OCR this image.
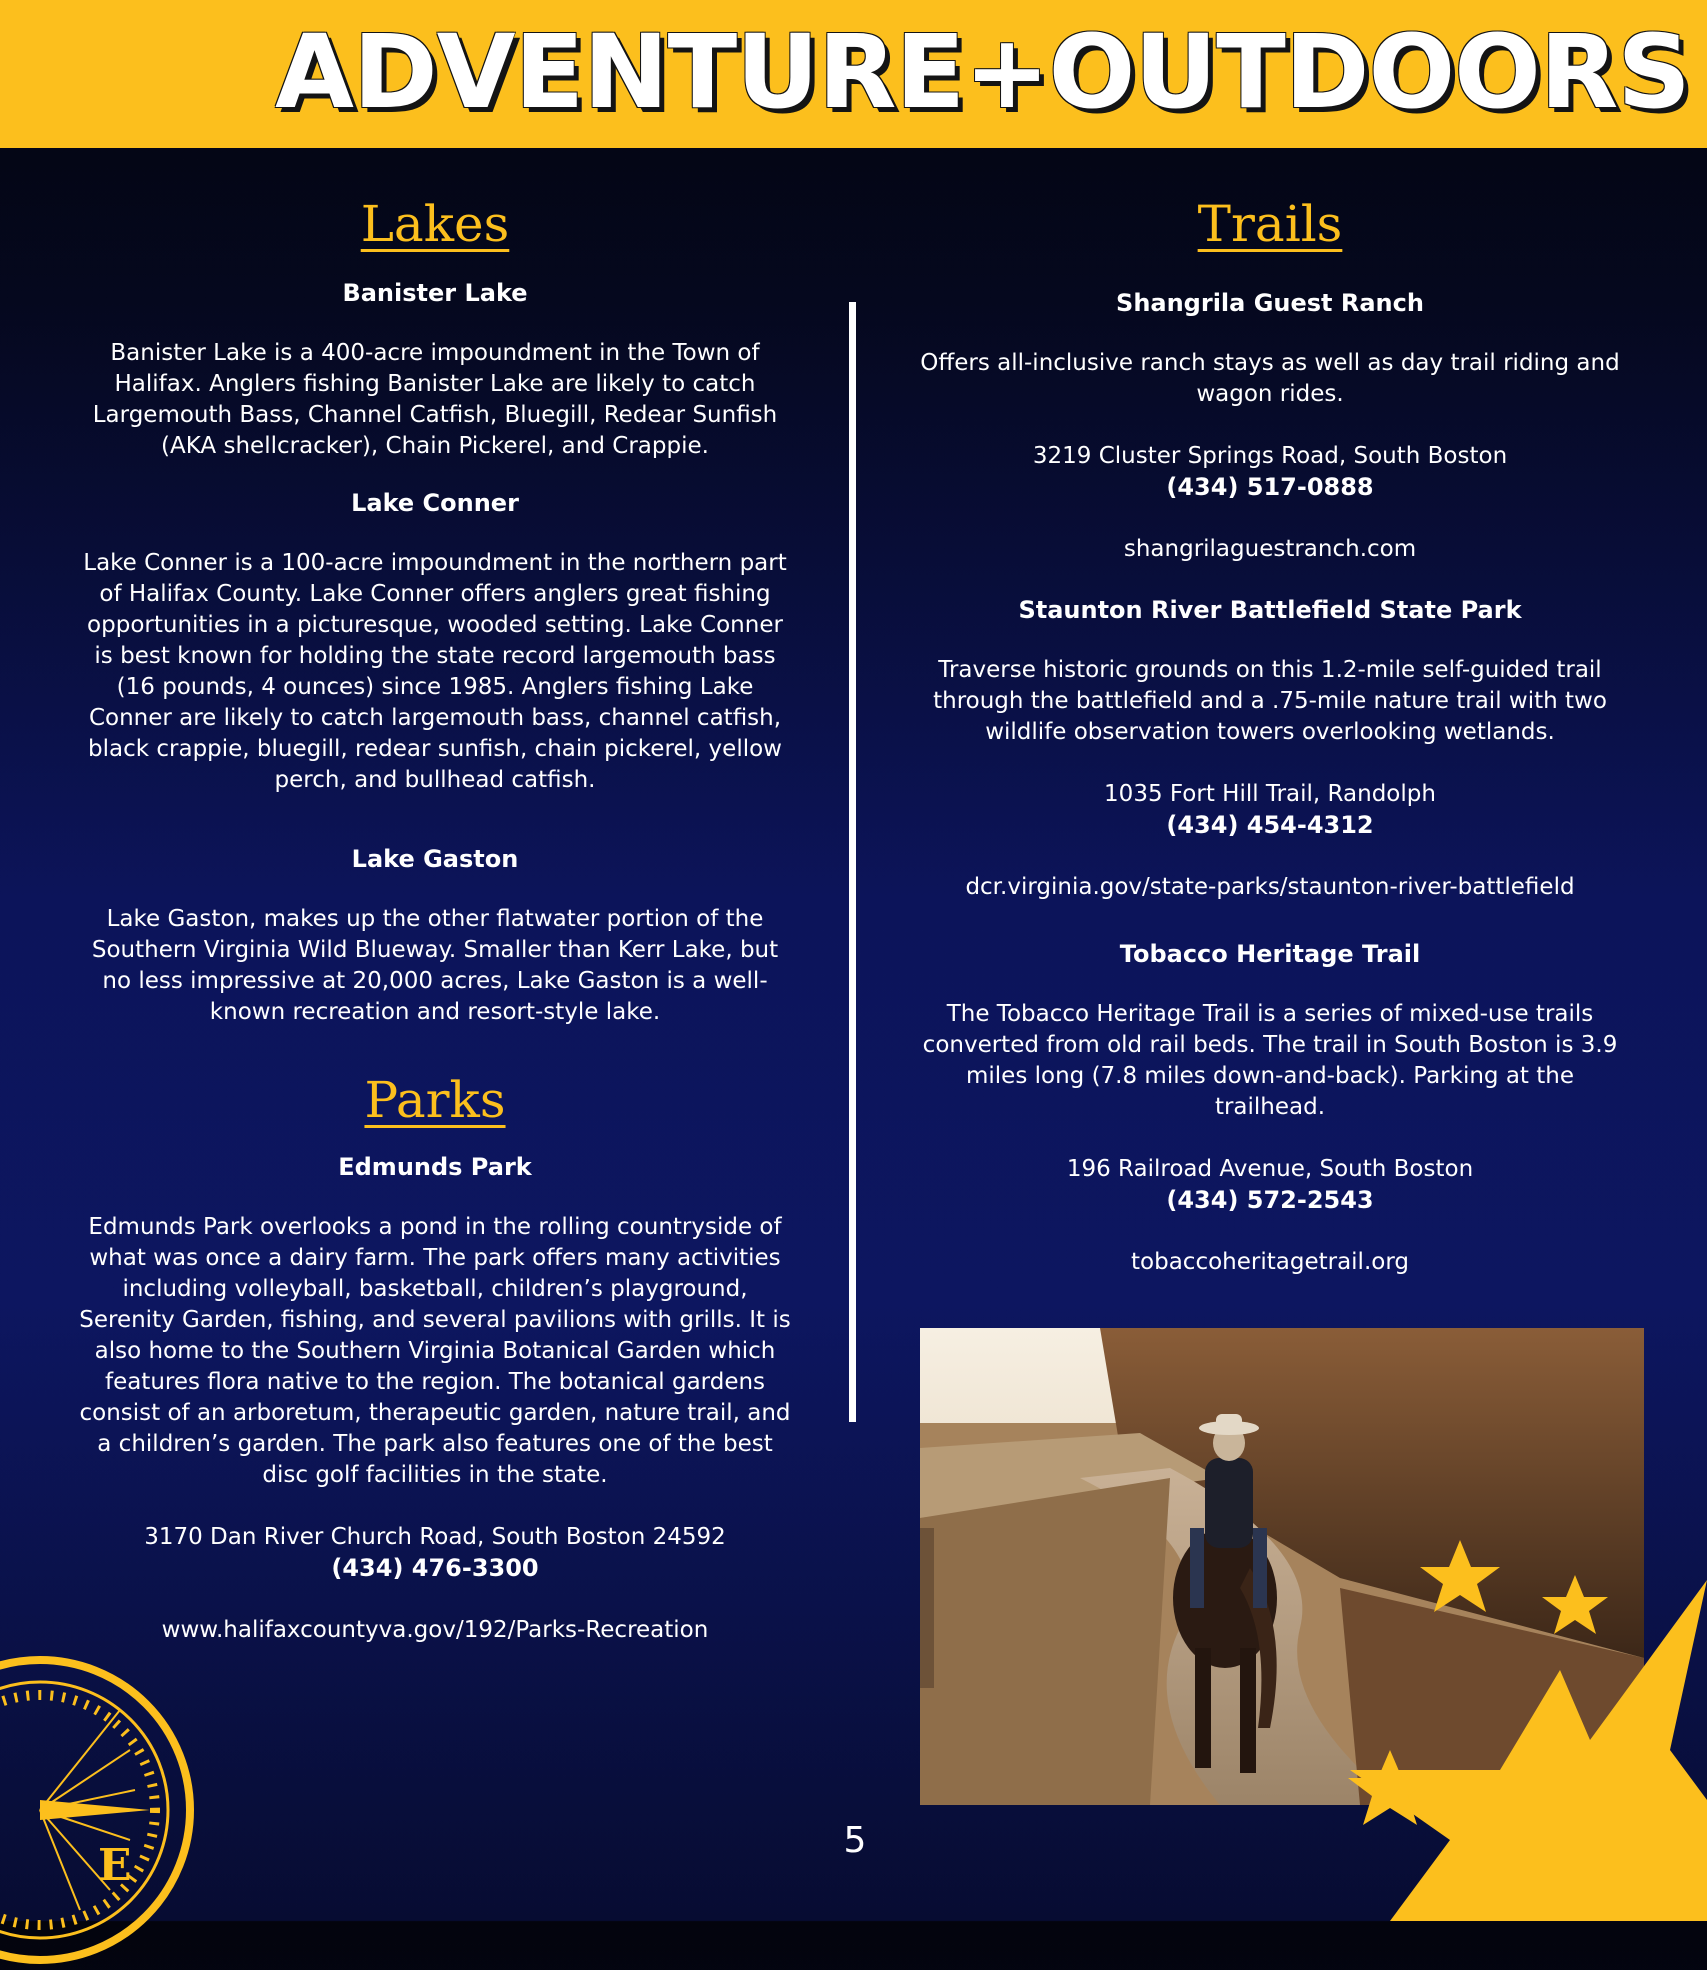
ADVENTURE+OUTDOORS
Lakes

Banister Lake

Banister Lake is a 400-acre impoundment in the Town of Halifax. Anglers fishing Banister Lake are likely to catch Largemouth Bass, Channel Catfish, Bluegill, Redear Sunfish (AKA shellcracker), Chain Pickerel, and Crappie.

Lake Conner

Lake Conner is a 100-acre impoundment in the northern part of Halifax County. Lake Conner offers anglers great fishing opportunities in a picturesque, wooded setting. Lake Conner is best known for holding the state record largemouth bass (16 pounds, 4 ounces) since 1985. Anglers fishing Lake Conner are likely to catch largemouth bass, channel catfish, black crappie, bluegill, redear sunfish, chain pickerel, yellow perch, and bullhead catfish.

Lake Gaston

Lake Gaston, makes up the other flatwater portion of the Southern Virginia Wild Blueway. Smaller than Kerr Lake, but no less impressive at 20,000 acres, Lake Gaston is a well-known recreation and resort-style lake.

Parks

Edmunds Park

Edmunds Park overlooks a pond in the rolling countryside of what was once a dairy farm. The park offers many activities including volleyball, basketball, children’s playground, Serenity Garden, fishing, and several pavilions with grills. It is also home to the Southern Virginia Botanical Garden which features flora native to the region. The botanical gardens consist of an arboretum, therapeutic garden, nature trail, and a children’s garden. The park also features one of the best disc golf facilities in the state.

3170 Dan River Church Road, South Boston 24592

(434) 476-3300

www.halifaxcountyva.gov/192/Parks-Recreation

Trails

Shangrila Guest Ranch

Offers all-inclusive ranch stays as well as day trail riding and wagon rides.

3219 Cluster Springs Road, South Boston

(434) 517-0888

shangrilaguestranch.com

Staunton River Battlefield State Park

Traverse historic grounds on this 1.2-mile self-guided trail through the battlefield and a .75-mile nature trail with two wildlife observation towers overlooking wetlands.

1035 Fort Hill Trail, Randolph

(434) 454-4312

dcr.virginia.gov/state-parks/staunton-river-battlefield

Tobacco Heritage Trail

The Tobacco Heritage Trail is a series of mixed-use trails converted from old rail beds. The trail in South Boston is 3.9 miles long (7.8 miles down-and-back). Parking at the trailhead.

196 Railroad Avenue, South Boston

(434) 572-2543

tobaccoheritagetrail.org

E	5
